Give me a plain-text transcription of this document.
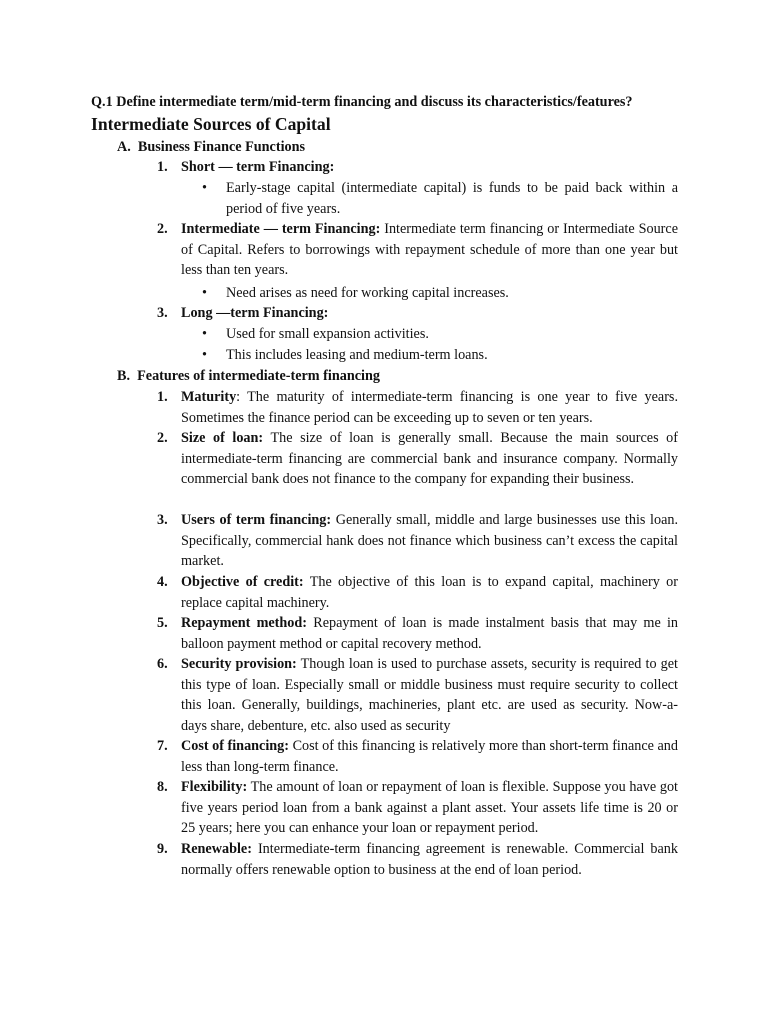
Q.1 Define intermediate term/mid-term financing and discuss its characteristics/features?
Intermediate Sources of Capital
A. Business Finance Functions
1. Short — term Financing:
• Early-stage capital (intermediate capital) is funds to be paid back within a period of five years.
2. Intermediate — term Financing: Intermediate term financing or Intermediate Source of Capital. Refers to borrowings with repayment schedule of more than one year but less than ten years.
• Need arises as need for working capital increases.
3. Long —term Financing:
• Used for small expansion activities.
• This includes leasing and medium-term loans.
B. Features of intermediate-term financing
1. Maturity: The maturity of intermediate-term financing is one year to five years. Sometimes the finance period can be exceeding up to seven or ten years.
2. Size of loan: The size of loan is generally small. Because the main sources of intermediate-term financing are commercial bank and insurance company. Normally commercial bank does not finance to the company for expanding their business.
3. Users of term financing: Generally small, middle and large businesses use this loan. Specifically, commercial hank does not finance which business can’t excess the capital market.
4. Objective of credit: The objective of this loan is to expand capital, machinery or replace capital machinery.
5. Repayment method: Repayment of loan is made instalment basis that may me in balloon payment method or capital recovery method.
6. Security provision: Though loan is used to purchase assets, security is required to get this type of loan. Especially small or middle business must require security to collect this loan. Generally, buildings, machineries, plant etc. are used as security. Now-a- days share, debenture, etc. also used as security
7. Cost of financing: Cost of this financing is relatively more than short-term finance and less than long-term finance.
8. Flexibility: The amount of loan or repayment of loan is flexible. Suppose you have got five years period loan from a bank against a plant asset. Your assets life time is 20 or 25 years; here you can enhance your loan or repayment period.
9. Renewable: Intermediate-term financing agreement is renewable. Commercial bank normally offers renewable option to business at the end of loan period.
